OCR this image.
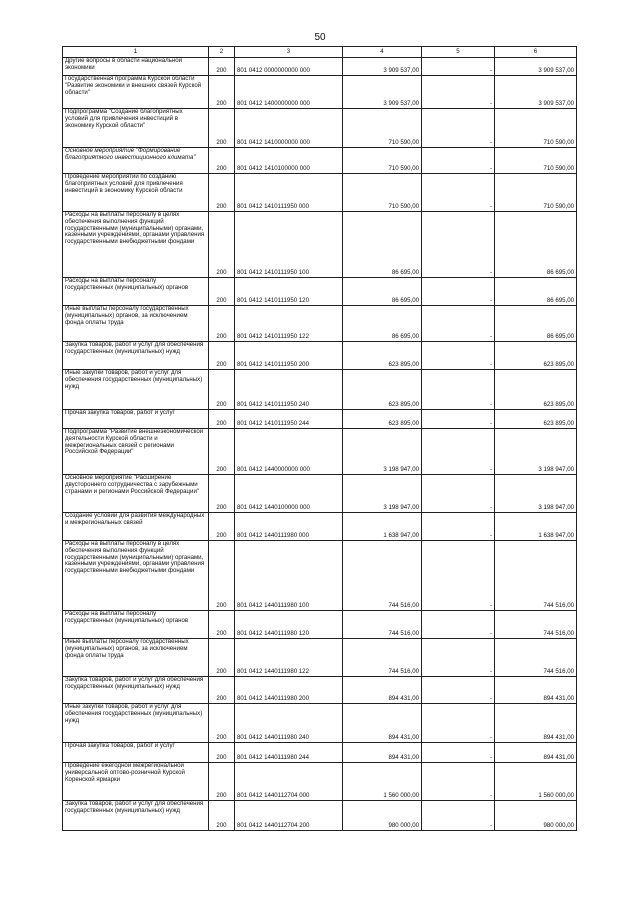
50
1	2	3	4	5	6
Другие вопросы в области национальной экономики	200	801 0412 0000000000 000	3 909 537,00	-	3 909 537,00
Государственная программа Курской области "Развитие экономики и внешних связей Курской области"	200	801 0412 1400000000 000	3 909 537,00	-	3 909 537,00
Подпрограмма "Создание благоприятных условий для привлечения инвестиций в экономику Курской области"	200	801 0412 1410000000 000	710 590,00	-	710 590,00
Основное мероприятие "Формирование благоприятного инвестиционного климата"	200	801 0412 1410100000 000	710 590,00	-	710 590,00
Проведение мероприятий по созданию благоприятных условий для привлечения инвестиций в экономику Курской области	200	801 0412 1410111950 000	710 590,00	-	710 590,00
Расходы на выплаты персоналу в целях обеспечения выполнения функций государственными (муниципальными) органами, казенными учреждениями, органами управления государственными внебюджетными фондами	200	801 0412 1410111950 100	86 695,00	-	86 695,00
Расходы на выплаты персоналу государственных (муниципальных) органов	200	801 0412 1410111950 120	86 695,00	-	86 695,00
Иные выплаты персоналу государственных (муниципальных) органов, за исключением фонда оплаты труда	200	801 0412 1410111950 122	86 695,00	-	86 695,00
Закупка товаров, работ и услуг для обеспечения государственных (муниципальных) нужд	200	801 0412 1410111950 200	623 895,00	-	623 895,00
Иные закупки товаров, работ и услуг для обеспечения государственных (муниципальных) нужд	200	801 0412 1410111950 240	623 895,00	-	623 895,00
Прочая закупка товаров, работ и услуг	200	801 0412 1410111950 244	623 895,00	-	623 895,00
Подпрограмма "Развитие внешнеэкономической деятельности Курской области и межрегиональных связей с регионами Российской Федерации"	200	801 0412 1440000000 000	3 198 947,00	-	3 198 947,00
Основное мероприятие "Расширение двустороннего сотрудничества с зарубежными странами и регионами Российской Федерации"	200	801 0412 1440100000 000	3 198 947,00	-	3 198 947,00
Создание условий для развития международных и межрегиональных связей	200	801 0412 1440111980 000	1 638 947,00	-	1 638 947,00
Расходы на выплаты персоналу в целях обеспечения выполнения функций государственными (муниципальными) органами, казенными учреждениями, органами управления государственными внебюджетными фондами	200	801 0412 1440111980 100	744 516,00	-	744 516,00
Расходы на выплаты персоналу государственных (муниципальных) органов	200	801 0412 1440111980 120	744 516,00	-	744 516,00
Иные выплаты персоналу государственных (муниципальных) органов, за исключением фонда оплаты труда	200	801 0412 1440111980 122	744 516,00	-	744 516,00
Закупка товаров, работ и услуг для обеспечения государственных (муниципальных) нужд	200	801 0412 1440111980 200	894 431,00	-	894 431,00
Иные закупки товаров, работ и услуг для обеспечения государственных (муниципальных) нужд	200	801 0412 1440111980 240	894 431,00	-	894 431,00
Прочая закупка товаров, работ и услуг	200	801 0412 1440111980 244	894 431,00	-	894 431,00
Проведение ежегодной межрегиональной универсальной оптово-розничной Курской Коренской ярмарки	200	801 0412 1440112704 000	1 560 000,00	-	1 560 000,00
Закупка товаров, работ и услуг для обеспечения государственных (муниципальных) нужд	200	801 0412 1440112704 200	980 000,00	-	980 000,00
